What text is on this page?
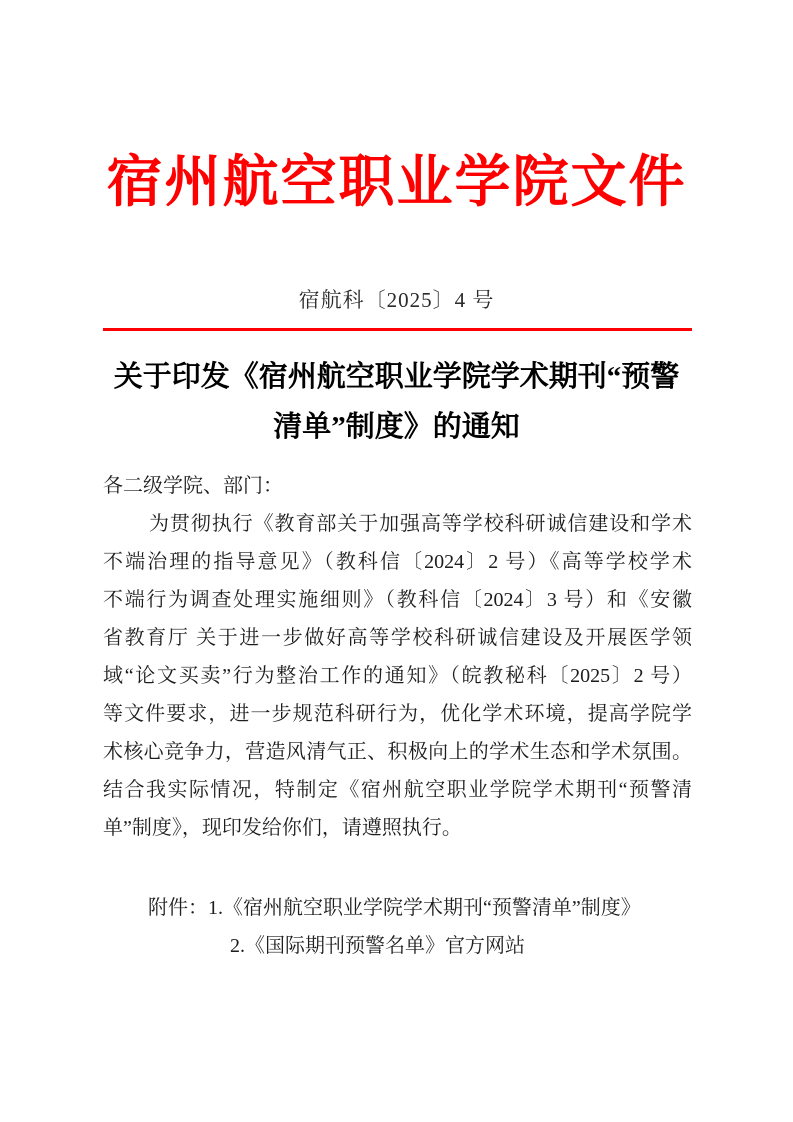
宿州航空职业学院文件
宿航科〔2025〕4 号
关于印发《宿州航空职业学院学术期刊“预警
清单”制度》的通知
各二级学院、部门：
为贯彻执行《教育部关于加强高等学校科研诚信建设和学术
不端治理的指导意见》（教科信〔2024〕2 号）《高等学校学术
不端行为调查处理实施细则》（教科信〔2024〕3 号）和《安徽
省教育厅 关于进一步做好高等学校科研诚信建设及开展医学领
域“论文买卖”行为整治工作的通知》（皖教秘科〔2025〕2 号）
等文件要求，进一步规范科研行为，优化学术环境，提高学院学
术核心竞争力，营造风清气正、积极向上的学术生态和学术氛围。
结合我实际情况，特制定《宿州航空职业学院学术期刊“预警清
单”制度》，现印发给你们，请遵照执行。
附件：1.《宿州航空职业学院学术期刊“预警清单”制度》
2.《国际期刊预警名单》官方网站
